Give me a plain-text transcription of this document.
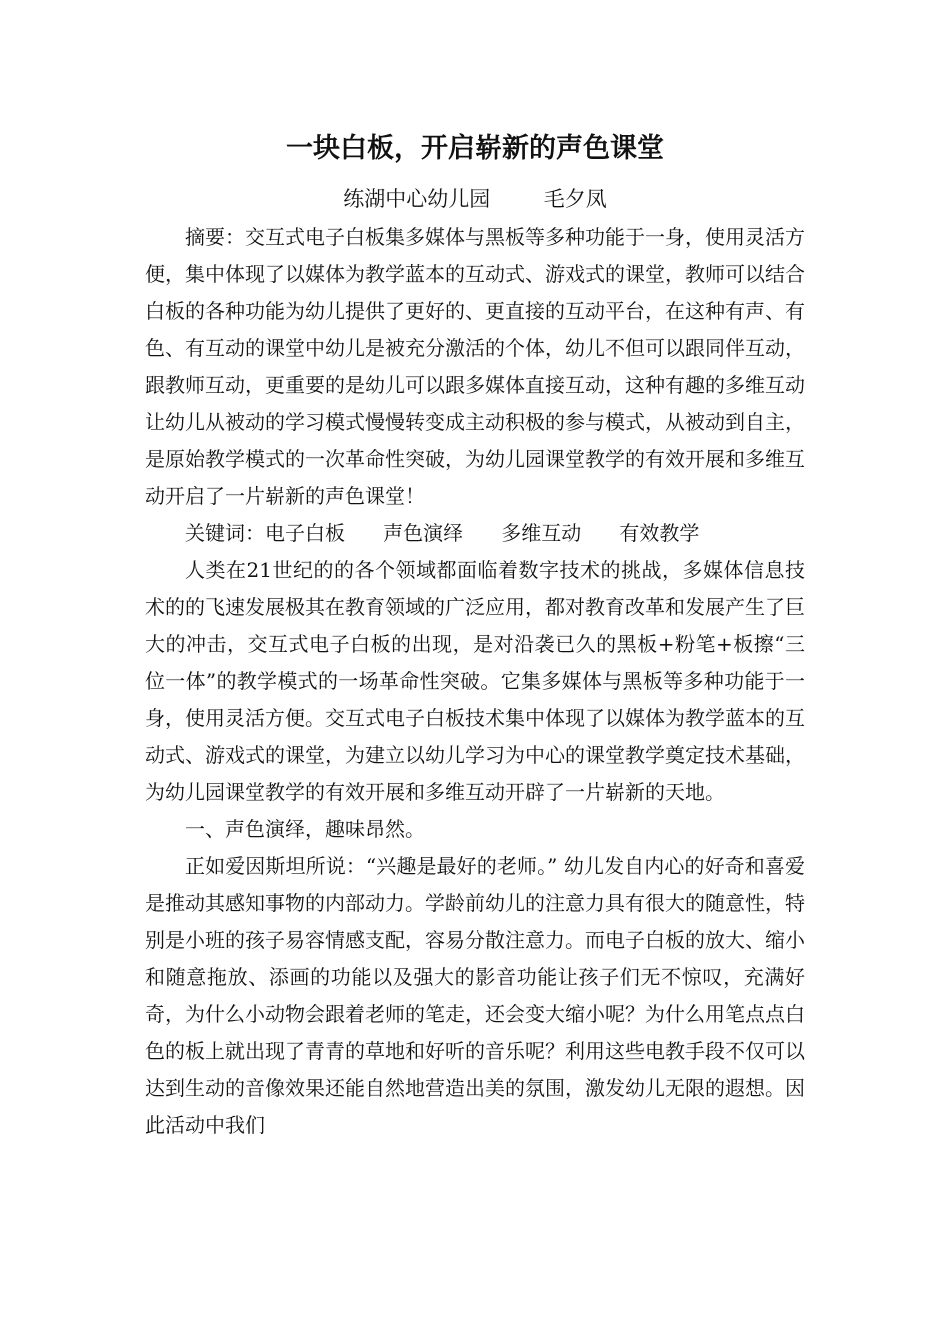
一块白板，开启崭新的声色课堂
练湖中心幼儿园        毛夕凤

摘要：交互式电子白板集多媒体与黑板等多种功能于一身，使用灵活方便，集中体现了以媒体为教学蓝本的互动式、游戏式的课堂，教师可以结合白板的各种功能为幼儿提供了更好的、更直接的互动平台，在这种有声、有色、有互动的课堂中幼儿是被充分激活的个体，幼儿不但可以跟同伴互动，跟教师互动，更重要的是幼儿可以跟多媒体直接互动，这种有趣的多维互动让幼儿从被动的学习模式慢慢转变成主动积极的参与模式，从被动到自主，是原始教学模式的一次革命性突破，为幼儿园课堂教学的有效开展和多维互动开启了一片崭新的声色课堂！

关键词：电子白板      声色演绎      多维互动      有效教学

人类在21世纪的的各个领域都面临着数字技术的挑战，多媒体信息技术的的飞速发展极其在教育领域的广泛应用，都对教育改革和发展产生了巨大的冲击，交互式电子白板的出现，是对沿袭已久的黑板+粉笔+板擦“三位一体”的教学模式的一场革命性突破。它集多媒体与黑板等多种功能于一身，使用灵活方便。交互式电子白板技术集中体现了以媒体为教学蓝本的互动式、游戏式的课堂，为建立以幼儿学习为中心的课堂教学奠定技术基础，为幼儿园课堂教学的有效开展和多维互动开辟了一片崭新的天地。

一、声色演绎，趣味昂然。

正如爱因斯坦所说：“兴趣是最好的老师。” 幼儿发自内心的好奇和喜爱是推动其感知事物的内部动力。学龄前幼儿的注意力具有很大的随意性，特别是小班的孩子易容情感支配，容易分散注意力。而电子白板的放大、缩小和随意拖放、添画的功能以及强大的影音功能让孩子们无不惊叹，充满好奇，为什么小动物会跟着老师的笔走，还会变大缩小呢？为什么用笔点点白色的板上就出现了青青的草地和好听的音乐呢？利用这些电教手段不仅可以达到生动的音像效果还能自然地营造出美的氛围，激发幼儿无限的遐想。因此活动中我们
